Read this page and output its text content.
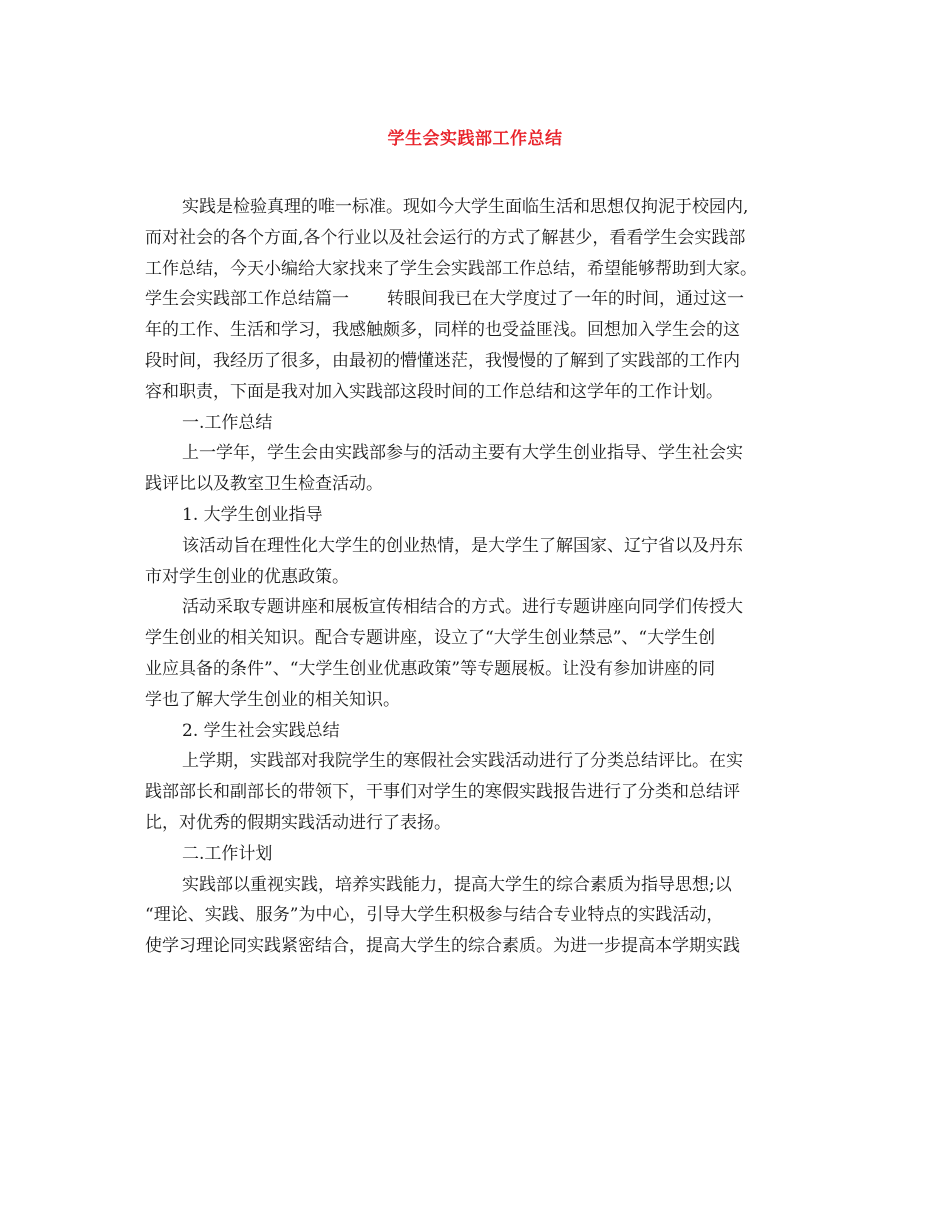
学生会实践部工作总结
实践是检验真理的唯一标准。现如今大学生面临生活和思想仅拘泥于校园内,
而对社会的各个方面,各个行业以及社会运行的方式了解甚少，看看学生会实践部
工作总结，今天小编给大家找来了学生会实践部工作总结，希望能够帮助到大家。
学生会实践部工作总结篇一 转眼间我已在大学度过了一年的时间，通过这一
年的工作、生活和学习，我感触颇多，同样的也受益匪浅。回想加入学生会的这
段时间，我经历了很多，由最初的懵懂迷茫，我慢慢的了解到了实践部的工作内
容和职责，下面是我对加入实践部这段时间的工作总结和这学年的工作计划。
一.工作总结
上一学年，学生会由实践部参与的活动主要有大学生创业指导、学生社会实
践评比以及教室卫生检查活动。
1. 大学生创业指导
该活动旨在理性化大学生的创业热情，是大学生了解国家、辽宁省以及丹东
市对学生创业的优惠政策。
活动采取专题讲座和展板宣传相结合的方式。进行专题讲座向同学们传授大
学生创业的相关知识。配合专题讲座，设立了“大学生创业禁忌”、“大学生创
业应具备的条件”、“大学生创业优惠政策”等专题展板。让没有参加讲座的同
学也了解大学生创业的相关知识。
2. 学生社会实践总结
上学期，实践部对我院学生的寒假社会实践活动进行了分类总结评比。在实
践部部长和副部长的带领下，干事们对学生的寒假实践报告进行了分类和总结评
比，对优秀的假期实践活动进行了表扬。
二.工作计划
实践部以重视实践，培养实践能力，提高大学生的综合素质为指导思想;以
“理论、实践、服务”为中心，引导大学生积极参与结合专业特点的实践活动，
使学习理论同实践紧密结合，提高大学生的综合素质。为进一步提高本学期实践
